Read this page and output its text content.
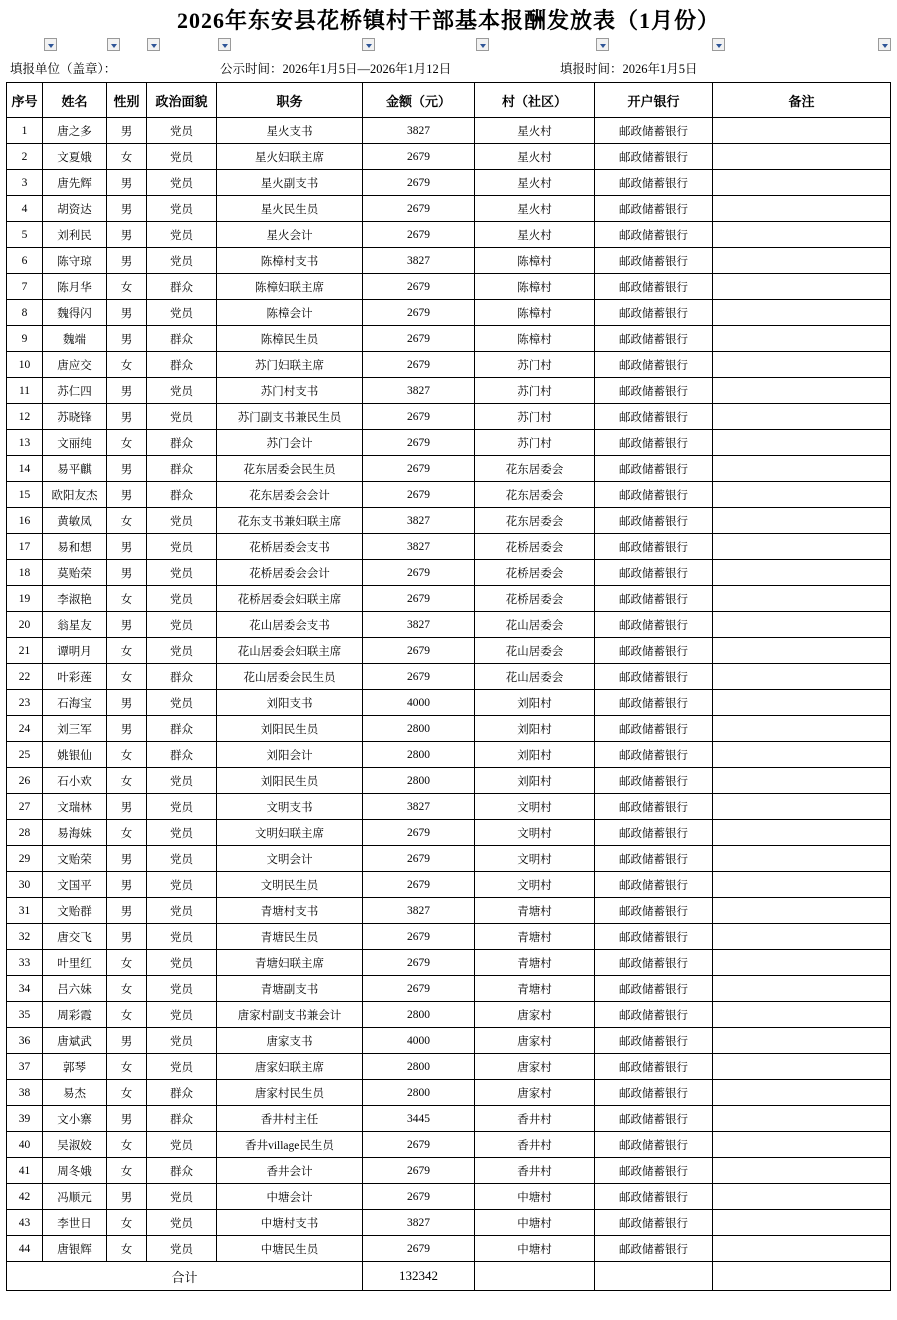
2026年东安县花桥镇村干部基本报酬发放表（1月份）
填报单位（盖章）：	公示时间：2026年1月5日—2026年1月12日	填报时间：2026年1月5日
序号	姓名	性别	政治面貌	职务	金额（元）	村（社区）	开户银行	备注
1	唐之多	男	党员	星火支书	3827	星火村	邮政储蓄银行	
2	文夏娥	女	党员	星火妇联主席	2679	星火村	邮政储蓄银行	
3	唐先辉	男	党员	星火副支书	2679	星火村	邮政储蓄银行	
4	胡资达	男	党员	星火民生员	2679	星火村	邮政储蓄银行	
5	刘利民	男	党员	星火会计	2679	星火村	邮政储蓄银行	
6	陈守琼	男	党员	陈樟村支书	3827	陈樟村	邮政储蓄银行	
7	陈月华	女	群众	陈樟妇联主席	2679	陈樟村	邮政储蓄银行	
8	魏得闪	男	党员	陈樟会计	2679	陈樟村	邮政储蓄银行	
9	魏端	男	群众	陈樟民生员	2679	陈樟村	邮政储蓄银行	
10	唐应交	女	群众	苏门妇联主席	2679	苏门村	邮政储蓄银行	
11	苏仁四	男	党员	苏门村支书	3827	苏门村	邮政储蓄银行	
12	苏晓锋	男	党员	苏门副支书兼民生员	2679	苏门村	邮政储蓄银行	
13	文丽纯	女	群众	苏门会计	2679	苏门村	邮政储蓄银行	
14	易平麒	男	群众	花东居委会民生员	2679	花东居委会	邮政储蓄银行	
15	欧阳友杰	男	群众	花东居委会会计	2679	花东居委会	邮政储蓄银行	
16	黄敏凤	女	党员	花东支书兼妇联主席	3827	花东居委会	邮政储蓄银行	
17	易和想	男	党员	花桥居委会支书	3827	花桥居委会	邮政储蓄银行	
18	莫贻荣	男	党员	花桥居委会会计	2679	花桥居委会	邮政储蓄银行	
19	李淑艳	女	党员	花桥居委会妇联主席	2679	花桥居委会	邮政储蓄银行	
20	翁星友	男	党员	花山居委会支书	3827	花山居委会	邮政储蓄银行	
21	谭明月	女	党员	花山居委会妇联主席	2679	花山居委会	邮政储蓄银行	
22	叶彩莲	女	群众	花山居委会民生员	2679	花山居委会	邮政储蓄银行	
23	石海宝	男	党员	刘阳支书	4000	刘阳村	邮政储蓄银行	
24	刘三军	男	群众	刘阳民生员	2800	刘阳村	邮政储蓄银行	
25	姚银仙	女	群众	刘阳会计	2800	刘阳村	邮政储蓄银行	
26	石小欢	女	党员	刘阳民生员	2800	刘阳村	邮政储蓄银行	
27	文瑞林	男	党员	文明支书	3827	文明村	邮政储蓄银行	
28	易海妹	女	党员	文明妇联主席	2679	文明村	邮政储蓄银行	
29	文贻荣	男	党员	文明会计	2679	文明村	邮政储蓄银行	
30	文国平	男	党员	文明民生员	2679	文明村	邮政储蓄银行	
31	文贻群	男	党员	青塘村支书	3827	青塘村	邮政储蓄银行	
32	唐交飞	男	党员	青塘民生员	2679	青塘村	邮政储蓄银行	
33	叶里红	女	党员	青塘妇联主席	2679	青塘村	邮政储蓄银行	
34	吕六妹	女	党员	青塘副支书	2679	青塘村	邮政储蓄银行	
35	周彩霞	女	党员	唐家村副支书兼会计	2800	唐家村	邮政储蓄银行	
36	唐斌武	男	党员	唐家支书	4000	唐家村	邮政储蓄银行	
37	郭琴	女	党员	唐家妇联主席	2800	唐家村	邮政储蓄银行	
38	易杰	女	群众	唐家村民生员	2800	唐家村	邮政储蓄银行	
39	文小寨	男	群众	香井村主任	3445	香井村	邮政储蓄银行	
40	吴淑姣	女	党员	香井village民生员	2679	香井村	邮政储蓄银行	
41	周冬娥	女	群众	香井会计	2679	香井村	邮政储蓄银行	
42	冯顺元	男	党员	中塘会计	2679	中塘村	邮政储蓄银行	
43	李世日	女	党员	中塘村支书	3827	中塘村	邮政储蓄银行	
44	唐银辉	女	党员	中塘民生员	2679	中塘村	邮政储蓄银行	
合计					132342			
